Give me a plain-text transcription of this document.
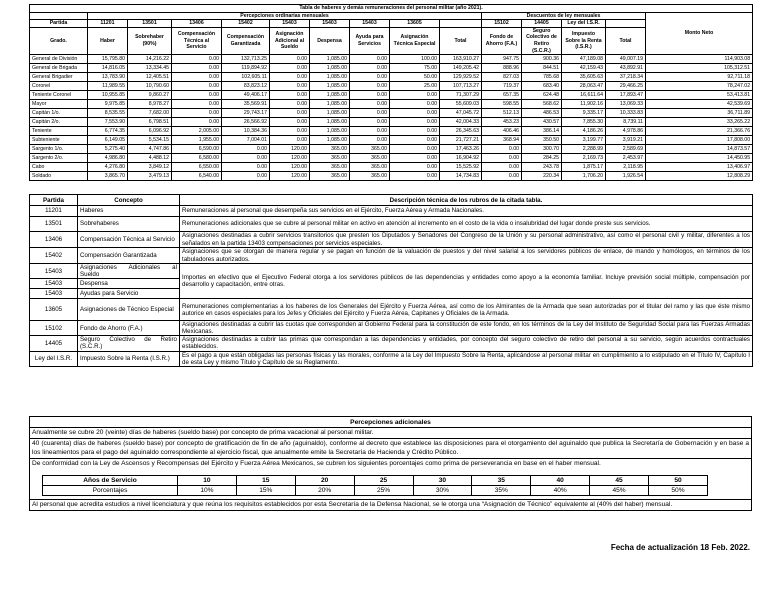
Tabla de haberes y demás remuneraciones del personal militar (año 2021).														
	Percepciones ordinarias mensuales									Descuentos de ley mensuales				Monto Neto
Partida	11201	13501	13406	15402	15403	15403	15403	13605		15102	14405	Ley del I.S.R.		
Grado.	Haber	Sobrehaber (90%)	Compensación Técnica al Servicio	Compensación Garantizada	Asignación Adicional al Sueldo	Despensa	Ayuda para Servicios	Asignación Técnica Especial	Total	Fondo de Ahorro (F.A.)	Seguro Colectivo de Retiro (S.C.R.)	Impuesto Sobre la Renta (I.S.R.)	Total	
General de División	15,795.80	14,216.22	0.00	132,713.25	0.00	1,085.00	0.00	100.00	163,910.27	947.75	900.36	47,189.08	49,007.19	114,903.08
General de Brigada	14,816.05	13,334.45	0.00	119,894.92	0.00	1,085.00	0.00	75.00	149,205.42	888.96	844.51	42,159.43	43,892.91	105,312.51
General Brigadier	13,783.90	12,405.51	0.00	102,605.11	0.00	1,085.00	0.00	50.00	129,929.52	827.03	785.68	35,605.63	37,218.34	92,711.18
Coronel	11,989.55	10,790.60	0.00	83,823.12	0.00	1,085.00	0.00	25.00	107,713.27	719.37	683.40	28,063.47	29,466.25	78,247.02
Teniente Coronel	10,955.85	9,860.27	0.00	49,406.17	0.00	1,085.00	0.00	0.00	71,307.29	657.35	624.48	16,611.64	17,893.47	53,413.81
Mayor	9,975.85	8,978.27	0.00	35,569.91	0.00	1,085.00	0.00	0.00	55,609.03	598.55	568.62	11,902.16	13,069.33	42,539.69
Capitán 1/o.	8,535.55	7,682.00	0.00	29,743.17	0.00	1,085.00	0.00	0.00	47,045.72	512.13	486.53	9,335.17	10,333.83	36,711.89
Capitán 2/o.	7,553.90	6,798.51	0.00	26,566.92	0.00	1,085.00	0.00	0.00	42,004.33	453.23	430.57	7,855.30	8,739.11	33,265.22
Teniente	6,774.35	6,096.92	2,005.00	10,384.36	0.00	1,085.00	0.00	0.00	26,345.63	406.46	386.14	4,186.26	4,978.86	21,366.76
Subteniente	6,149.05	5,534.15	1,955.00	7,004.01	0.00	1,085.00	0.00	0.00	21,727.21	368.94	350.50	3,199.77	3,919.21	17,808.00
Sargento 1/o.	5,275.40	4,747.86	6,590.00	0.00	120.00	365.00	365.00	0.00	17,463.26	0.00	300.70	2,288.99	2,589.69	14,873.57
Sargento 2/o.	4,986.80	4,488.12	6,580.00	0.00	120.00	365.00	365.00	0.00	16,904.92	0.00	284.25	2,169.73	2,453.97	14,450.95
Cabo	4,276.80	3,849.12	6,550.00	0.00	120.00	365.00	365.00	0.00	15,525.92	0.00	243.78	1,875.17	2,118.95	13,406.97
Soldado	3,865.70	3,479.13	6,540.00	0.00	120.00	365.00	365.00	0.00	14,734.83	0.00	220.34	1,706.20	1,926.54	12,808.29
Partida	Concepto	Descripción técnica de los rubros de la citada tabla.
11201	Haberes	Remuneraciones al personal que desempeña sus servicios en el Ejército, Fuerza Aérea y Armada Nacionales.
13501	Sobrehaberes	Remuneraciones adicionales que se cubre al personal militar en activo en atención al incremento en el costo de la vida o insalubridad del lugar donde preste sus servicios.
13406	Compensación Técnica al Servicio	Asignaciones destinadas a cubrir servicios transitorios que presten los Diputados y Senadores del Congreso de la Unión y su personal administrativo, así como el personal civil y militar, diferentes a los señalados en la partida 13403 compensaciones por servicios especiales.
15402	Compensación Garantizada	Asignaciones que se otorgan de manera regular y se pagan en función de la valuación de puestos y del nivel salarial a los servidores públicos de enlace, de mando y homólogos, en términos de los tabuladores autorizados.
15403	Asignaciones Adicionales al Sueldo	Importes en efectivo que el Ejecutivo Federal otorga a los servidores públicos de las dependencias y entidades como apoyo a la economía familiar. Incluye previsión social múltiple, compensación por desarrollo y capacitación, entre otras.
15403	Despensa	
15403	Ayudas para Servicio	
13605	Asignaciones de Técnico Especial	Remuneraciones complementarias a los haberes de los Generales del Ejército y Fuerza Aérea, así como de los Almirantes de la Armada que sean autorizadas por el titular del ramo y las que éste mismo autorice en casos especiales para los Jefes y Oficiales del Ejército y Fuerza Aérea, Capitanes y Oficiales de la Armada.
15102	Fondo de Ahorro (F.A.)	Asignaciones destinadas a cubrir las cuotas que corresponden al Gobierno Federal para la constitución de este fondo, en los términos de la Ley del Instituto de Seguridad Social para las Fuerzas Armadas Mexicanas.
14405	Seguro Colectivo de Retiro (S.C.R.)	Asignaciones destinadas a cubrir las primas que correspondan a las dependencias y entidades, por concepto del seguro colectivo de retiro del personal a su servicio, según acuerdos contractuales establecidos.
Ley del I.S.R.	Impuesto Sobre la Renta (I.S.R.)	Es el pago a que están obligadas las personas físicas y las morales, conforme a la Ley del Impuesto Sobre la Renta, aplicándose al personal militar en cumplimiento a lo estipulado en el Título IV, Capítulo I de esta Ley y mismo Título y Capítulo de su Reglamento.
Percepciones adicionales
Anualmente se cubre 20 (veinte) días de haberes (sueldo base) por concepto de prima vacacional al personal militar.
40 (cuarenta) días de haberes (sueldo base) por concepto de gratificación de fin de año (aguinaldo), conforme al decreto que establece las disposiciones para el otorgamiento del aguinaldo que publica la Secretaría de Gobernación y en base a los lineamientos para el pago del aguinaldo correspondiente al ejercicio fiscal, que anualmente emite la Secretaría de Hacienda y Crédito Público.

De conformidad con la Ley de Ascensos y Recompensas del Ejército y Fuerza Aérea Mexicanos, se cubren los siguientes porcentajes como prima de perseverancia en base en el haber mensual.
Años de Servicio	10	15	20	25	30	35	40	45	50
Porcentajes	10%	15%	20%	25%	30%	35%	40%	45%	50%

Al personal que acredita estudios a nivel licenciatura y que reúna los requisitos establecidos por esta Secretaría de la Defensa Nacional, se le otorga una “Asignación de Técnico” equivalente al (40% del haber) mensual.
Fecha de actualización 18 Feb. 2022.
